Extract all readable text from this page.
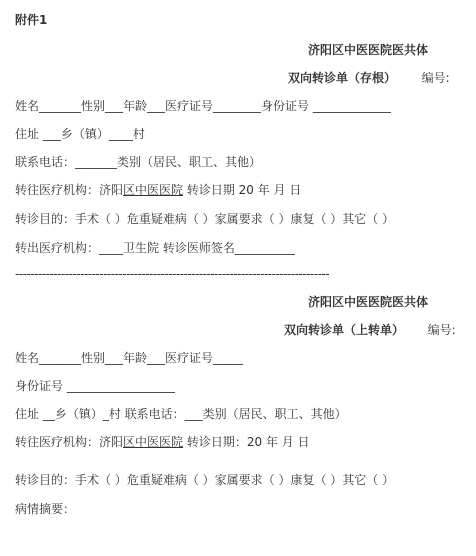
附件1
济阳区中医医院医共体
双向转诊单（存根） 编号:
姓名_______性别___年龄___医疗证号________身份证号 _____________
住址 ___乡（镇）____村
联系电话：_______类别（居民、职工、其他）
转往医疗机构：济阳区中医医院 转诊日期 20 年 月 日
转诊目的：手术（ ）危重疑难病（ ）家属要求（ ）康复（ ）其它（ ）
转出医疗机构：____卫生院 转诊医师签名__________
----------------------------------------------------------------------------------
济阳区中医医院医共体
双向转诊单（上转单） 编号:
姓名_______性别___年龄___医疗证号_____
身份证号 __________________
住址 __乡（镇）_村 联系电话：___类别（居民、职工、其他）
转往医疗机构：济阳区中医医院 转诊日期：20 年 月 日
转诊目的：手术（ ）危重疑难病（ ）家属要求（ ）康复（ ）其它（ ）
病情摘要：
